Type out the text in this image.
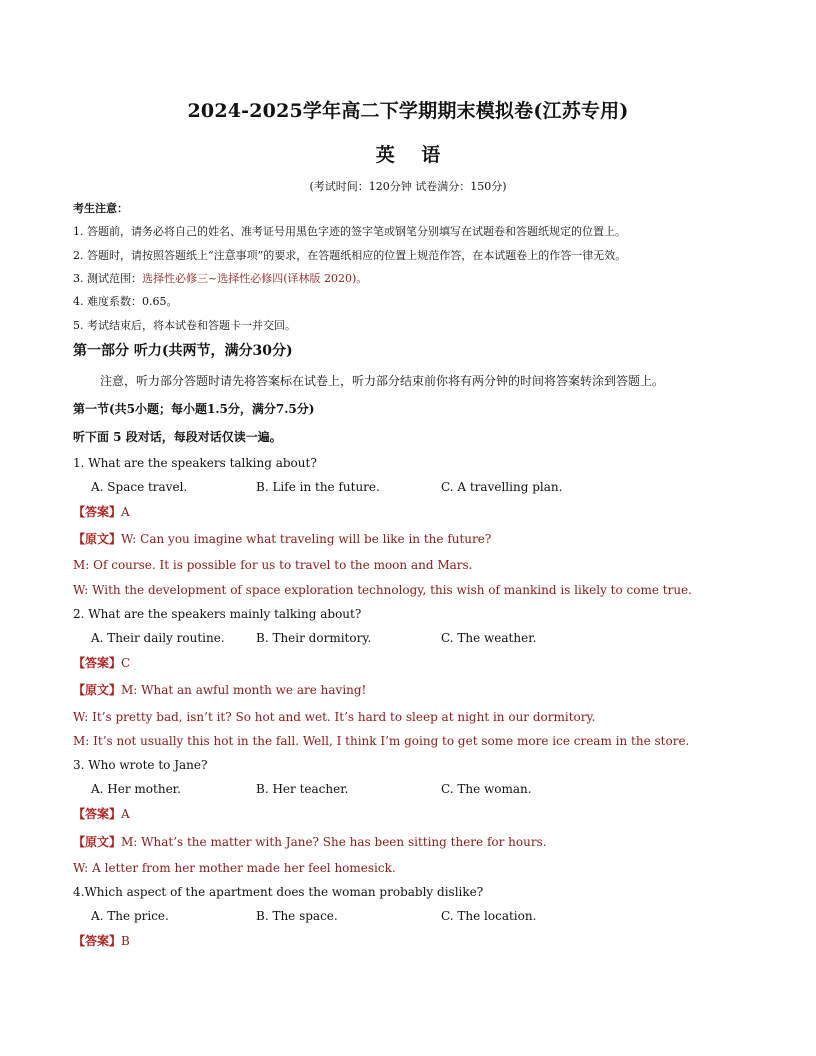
2024-2025学年高二下学期期末模拟卷(江苏专用)
英 语
(考试时间：120分钟 试卷满分：150分)
考生注意：
1. 答题前，请务必将自己的姓名、准考证号用黑色字迹的签字笔或钢笔分别填写在试题卷和答题纸规定的位置上。
2. 答题时，请按照答题纸上“注意事项”的要求，在答题纸相应的位置上规范作答，在本试题卷上的作答一律无效。
3. 测试范围：选择性必修三~选择性必修四(译林版 2020)。
4. 难度系数：0.65。
5. 考试结束后，将本试卷和答题卡一并交回。
第一部分 听力(共两节，满分30分)
注意，听力部分答题时请先将答案标在试卷上，听力部分结束前你将有两分钟的时间将答案转涂到答题上。
第一节(共5小题；每小题1.5分，满分7.5分)
听下面 5 段对话，每段对话仅读一遍。
1. What are the speakers talking about?
A. Space travel.	B. Life in the future.	C. A travelling plan.
【答案】A
【原文】W: Can you imagine what traveling will be like in the future?
M: Of course. It is possible for us to travel to the moon and Mars.
W: With the development of space exploration technology, this wish of mankind is likely to come true.
2. What are the speakers mainly talking about?
A. Their daily routine.	B. Their dormitory.	C. The weather.
【答案】C
【原文】M: What an awful month we are having!
W: It’s pretty bad, isn’t it? So hot and wet. It’s hard to sleep at night in our dormitory.
M: It’s not usually this hot in the fall. Well, I think I’m going to get some more ice cream in the store.
3. Who wrote to Jane?
A. Her mother.	B. Her teacher.	C. The woman.
【答案】A
【原文】M: What’s the matter with Jane? She has been sitting there for hours.
W: A letter from her mother made her feel homesick.
4.Which aspect of the apartment does the woman probably dislike?
A. The price.	B. The space.	C. The location.
【答案】B
